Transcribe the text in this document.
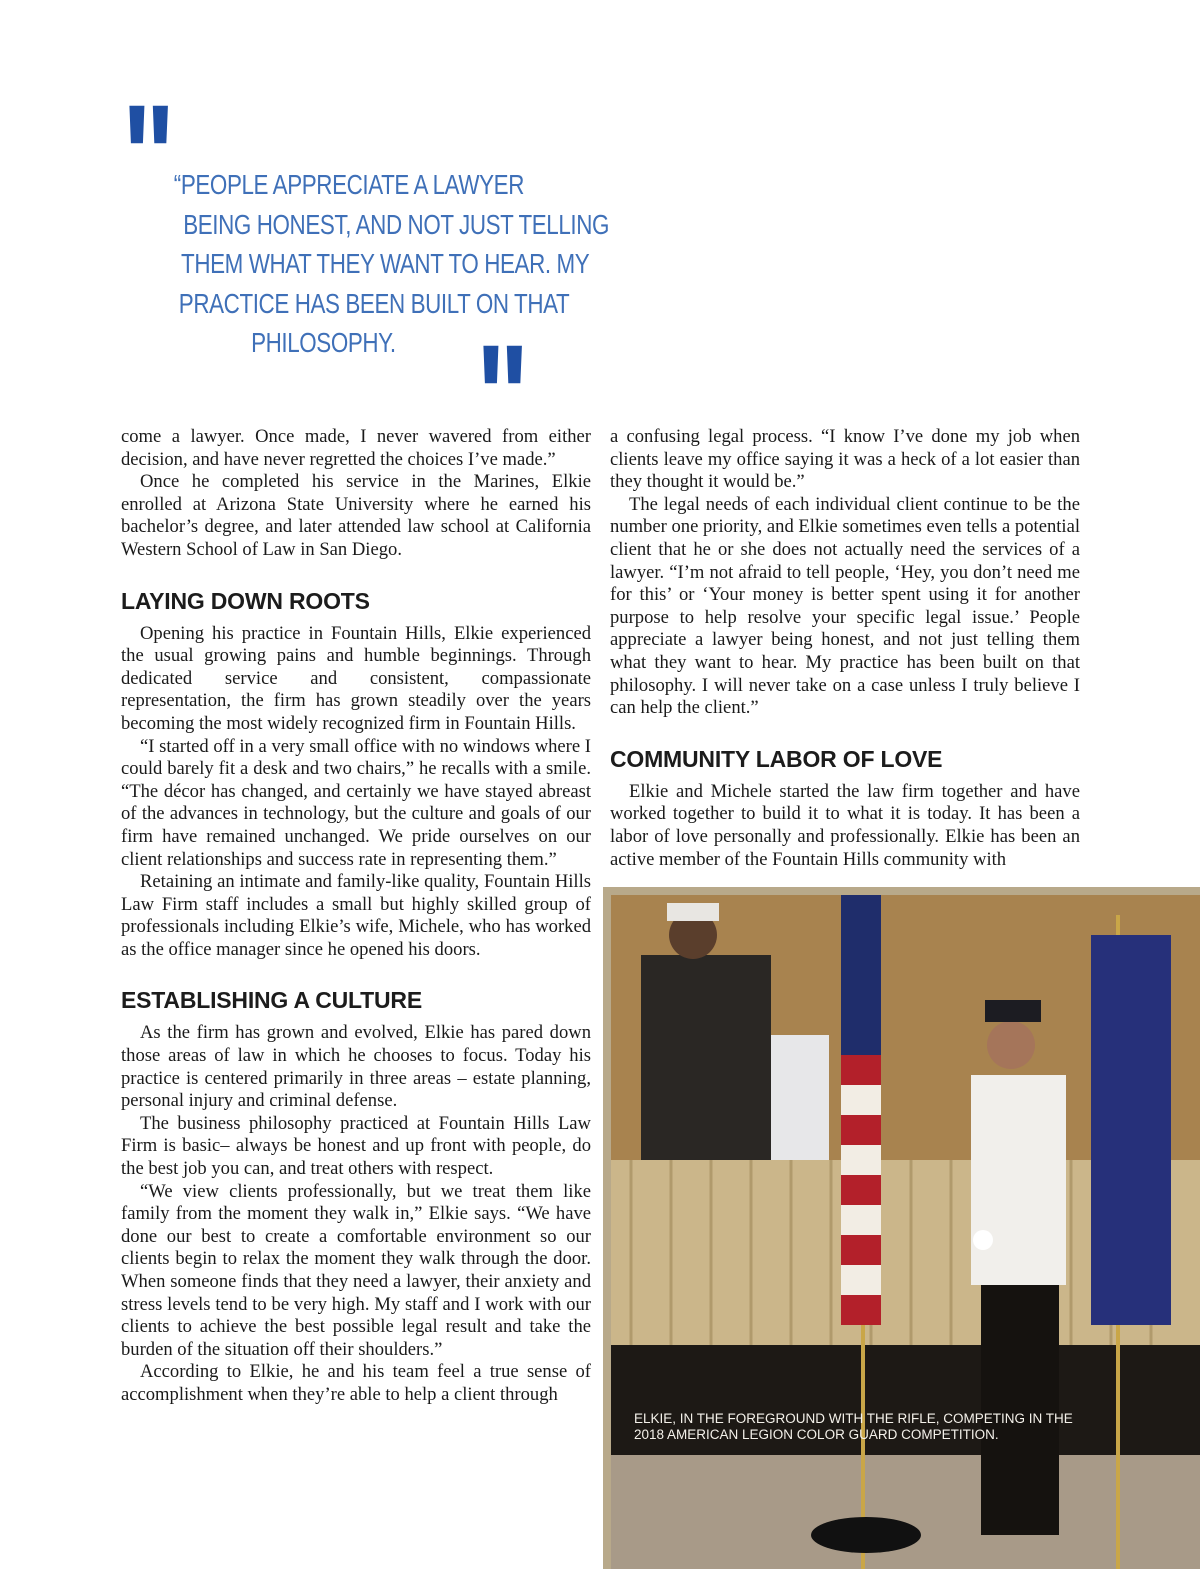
"
“PEOPLE APPRECIATE A LAWYER
BEING HONEST, AND NOT JUST TELLING
THEM WHAT THEY WANT TO HEAR. MY
PRACTICE HAS BEEN BUILT ON THAT
PHILOSOPHY. "

come a lawyer. Once made, I never wavered from either decision, and have never regretted the choices I’ve made.”

Once he completed his service in the Marines, Elkie enrolled at Arizona State University where he earned his bachelor’s degree, and later attended law school at California Western School of Law in San Diego.

LAYING DOWN ROOTS

Opening his practice in Fountain Hills, Elkie experienced the usual growing pains and humble beginnings. Through dedicated service and consistent, compassionate representation, the firm has grown steadily over the years becoming the most widely recognized firm in Fountain Hills.

“I started off in a very small office with no windows where I could barely fit a desk and two chairs,” he recalls with a smile. “The décor has changed, and certainly we have stayed abreast of the advances in technology, but the culture and goals of our firm have remained unchanged. We pride ourselves on our client relationships and success rate in representing them.”

Retaining an intimate and family-like quality, Fountain Hills Law Firm staff includes a small but highly skilled group of professionals including Elkie’s wife, Michele, who has worked as the office manager since he opened his doors.

ESTABLISHING A CULTURE

As the firm has grown and evolved, Elkie has pared down those areas of law in which he chooses to focus. Today his practice is centered primarily in three areas – estate planning, personal injury and criminal defense.

The business philosophy practiced at Fountain Hills Law Firm is basic– always be honest and up front with people, do the best job you can, and treat others with respect.

“We view clients professionally, but we treat them like family from the moment they walk in,” Elkie says. “We have done our best to create a comfortable environment so our clients begin to relax the moment they walk through the door. When someone finds that they need a lawyer, their anxiety and stress levels tend to be very high. My staff and I work with our clients to achieve the best possible legal result and take the burden of the situation off their shoulders.”

According to Elkie, he and his team feel a true sense of accomplishment when they’re able to help a client through

a confusing legal process. “I know I’ve done my job when clients leave my office saying it was a heck of a lot easier than they thought it would be.”

The legal needs of each individual client continue to be the number one priority, and Elkie sometimes even tells a potential client that he or she does not actually need the services of a lawyer. “I’m not afraid to tell people, ‘Hey, you don’t need me for this’ or ‘Your money is better spent using it for another purpose to help resolve your specific legal issue.’ People appreciate a lawyer being honest, and not just telling them what they want to hear. My practice has been built on that philosophy. I will never take on a case unless I truly believe I can help the client.”

COMMUNITY LABOR OF LOVE

Elkie and Michele started the law firm together and have worked together to build it to what it is today. It has been a labor of love personally and professionally. Elkie has been an active member of the Fountain Hills community with

ELKIE, IN THE FOREGROUND WITH THE RIFLE, COMPETING IN THE 2018 AMERICAN LEGION COLOR GUARD COMPETITION.
